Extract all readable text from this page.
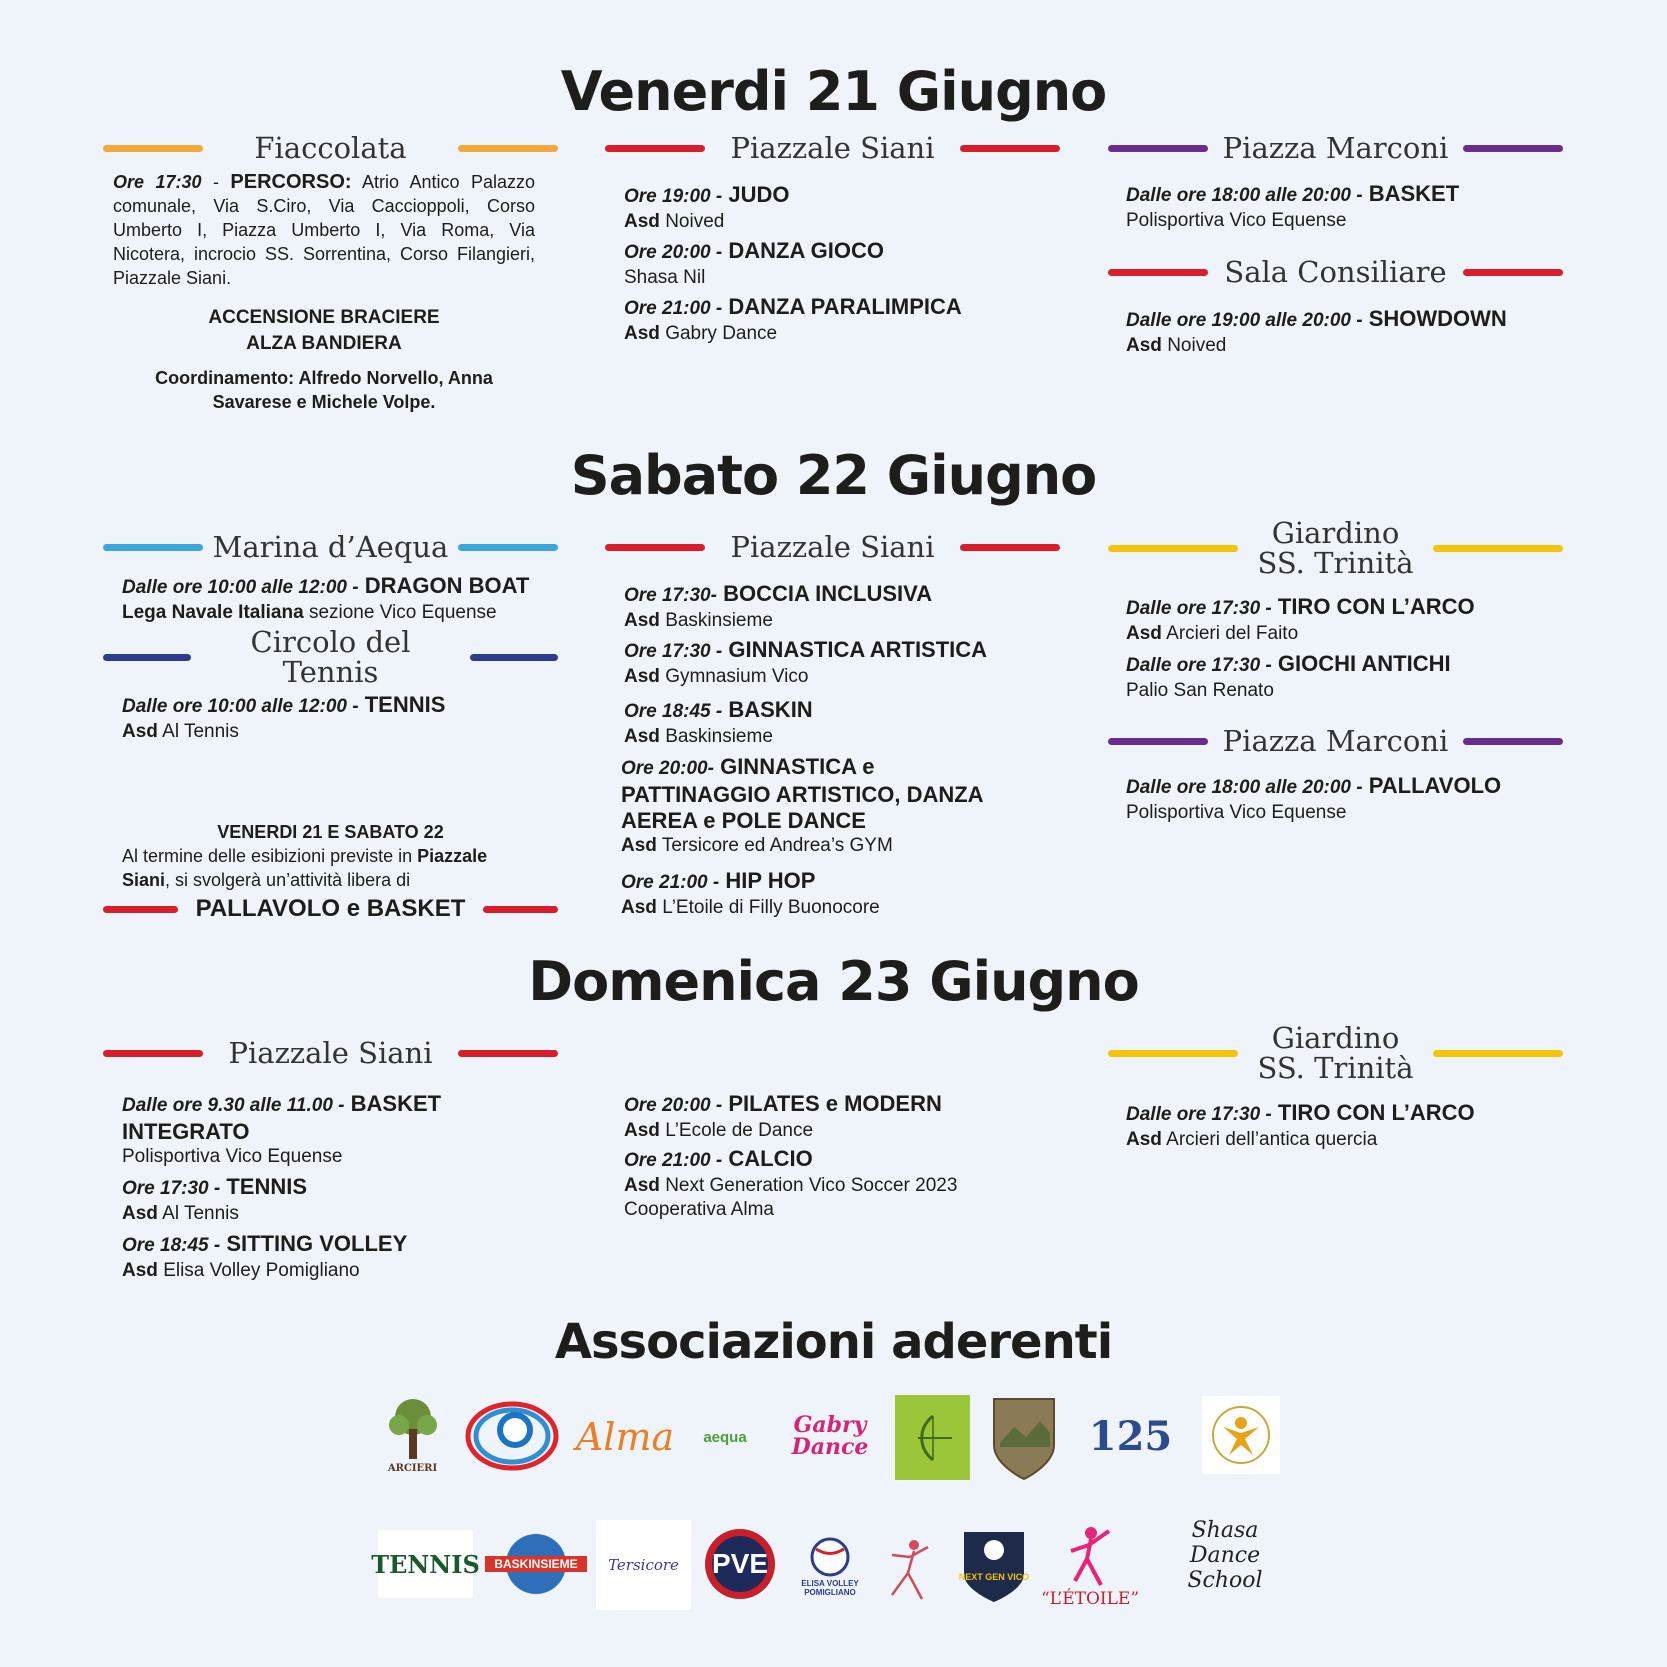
Venerdi 21 Giugno
Fiaccolata
Ore 17:30 - PERCORSO: Atrio Antico Palazzo comunale, Via S.Ciro, Via Caccioppoli, Corso Umberto I, Piazza Umberto I, Via Roma, Via Nicotera, incrocio SS. Sorrentina, Corso Filangieri, Piazzale Siani.
ACCENSIONE BRACIERE
ALZA BANDIERA
Coordinamento: Alfredo Norvello, Anna Savarese e Michele Volpe.
Piazzale Siani
Ore 19:00 - JUDO
Asd Noived
Ore 20:00 - DANZA GIOCO
Shasa Nil
Ore 21:00 - DANZA PARALIMPICA
Asd Gabry Dance
Piazza Marconi
Dalle ore 18:00 alle 20:00 - BASKET
Polisportiva Vico Equense
Sala Consiliare
Dalle ore 19:00 alle 20:00 - SHOWDOWN
Asd Noived
Sabato 22 Giugno
Marina d’Aequa
Dalle ore 10:00 alle 12:00 - DRAGON BOAT
Lega Navale Italiana sezione Vico Equense
Circolo del Tennis
Dalle ore 10:00 alle 12:00 - TENNIS
Asd Al Tennis
VENERDI 21 E SABATO 22
Al termine delle esibizioni previste in Piazzale
Siani, si svolgerà un’attività libera di
PALLAVOLO e BASKET
Piazzale Siani
Ore 17:30- BOCCIA INCLUSIVA
Asd Baskinsieme
Ore 17:30 - GINNASTICA ARTISTICA
Asd Gymnasium Vico
Ore 18:45 - BASKIN
Asd Baskinsieme
Ore 20:00- GINNASTICA e PATTINAGGIO ARTISTICO, DANZA AEREA e POLE DANCE
Asd Tersicore ed Andrea’s GYM
Ore 21:00 - HIP HOP
Asd L’Etoile di Filly Buonocore
Giardino
SS. Trinità
Dalle ore 17:30 - TIRO CON L’ARCO
Asd Arcieri del Faito
Dalle ore 17:30 - GIOCHI ANTICHI
Palio San Renato
Piazza Marconi
Dalle ore 18:00 alle 20:00 - PALLAVOLO
Polisportiva Vico Equense
Domenica 23 Giugno
Piazzale Siani
Dalle ore 9.30 alle 11.00 - BASKET INTEGRATO
Polisportiva Vico Equense
Ore 17:30 - TENNIS
Asd Al Tennis
Ore 18:45 - SITTING VOLLEY
Asd Elisa Volley Pomigliano
Ore 20:00 - PILATES e MODERN
Asd L’Ecole de Dance
Ore 21:00 - CALCIO
Asd Next Generation Vico Soccer 2023
Cooperativa Alma
Giardino
SS. Trinità
Dalle ore 17:30 - TIRO CON L’ARCO
Asd Arcieri dell’antica quercia
Associazioni aderenti
ARCIERI
Alma aequa	Gabry Dance	125
TENNIS BASKINSIEME Tersicore PVE
ELISA VOLLEY POMIGLIANO
NEXT GEN VICO
“L’ÉTOILE”
Shasa
Dance School
